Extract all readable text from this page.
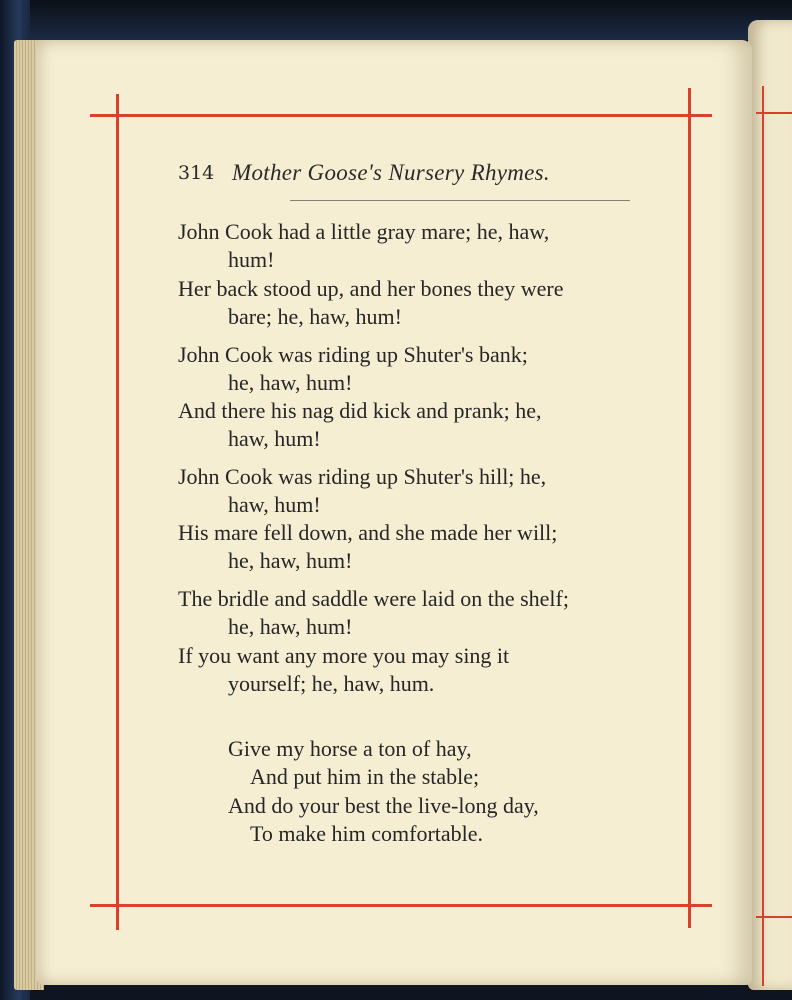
314 Mother Goose's Nursery Rhymes.
John Cook had a little gray mare; he, haw,
hum!
Her back stood up, and her bones they were
bare; he, haw, hum!
John Cook was riding up Shuter's bank;
he, haw, hum!
And there his nag did kick and prank; he,
haw, hum!
John Cook was riding up Shuter's hill; he,
haw, hum!
His mare fell down, and she made her will;
he, haw, hum!
The bridle and saddle were laid on the shelf;
he, haw, hum!
If you want any more you may sing it
yourself; he, haw, hum.
Give my horse a ton of hay,
And put him in the stable;
And do your best the live-long day,
To make him comfortable.
